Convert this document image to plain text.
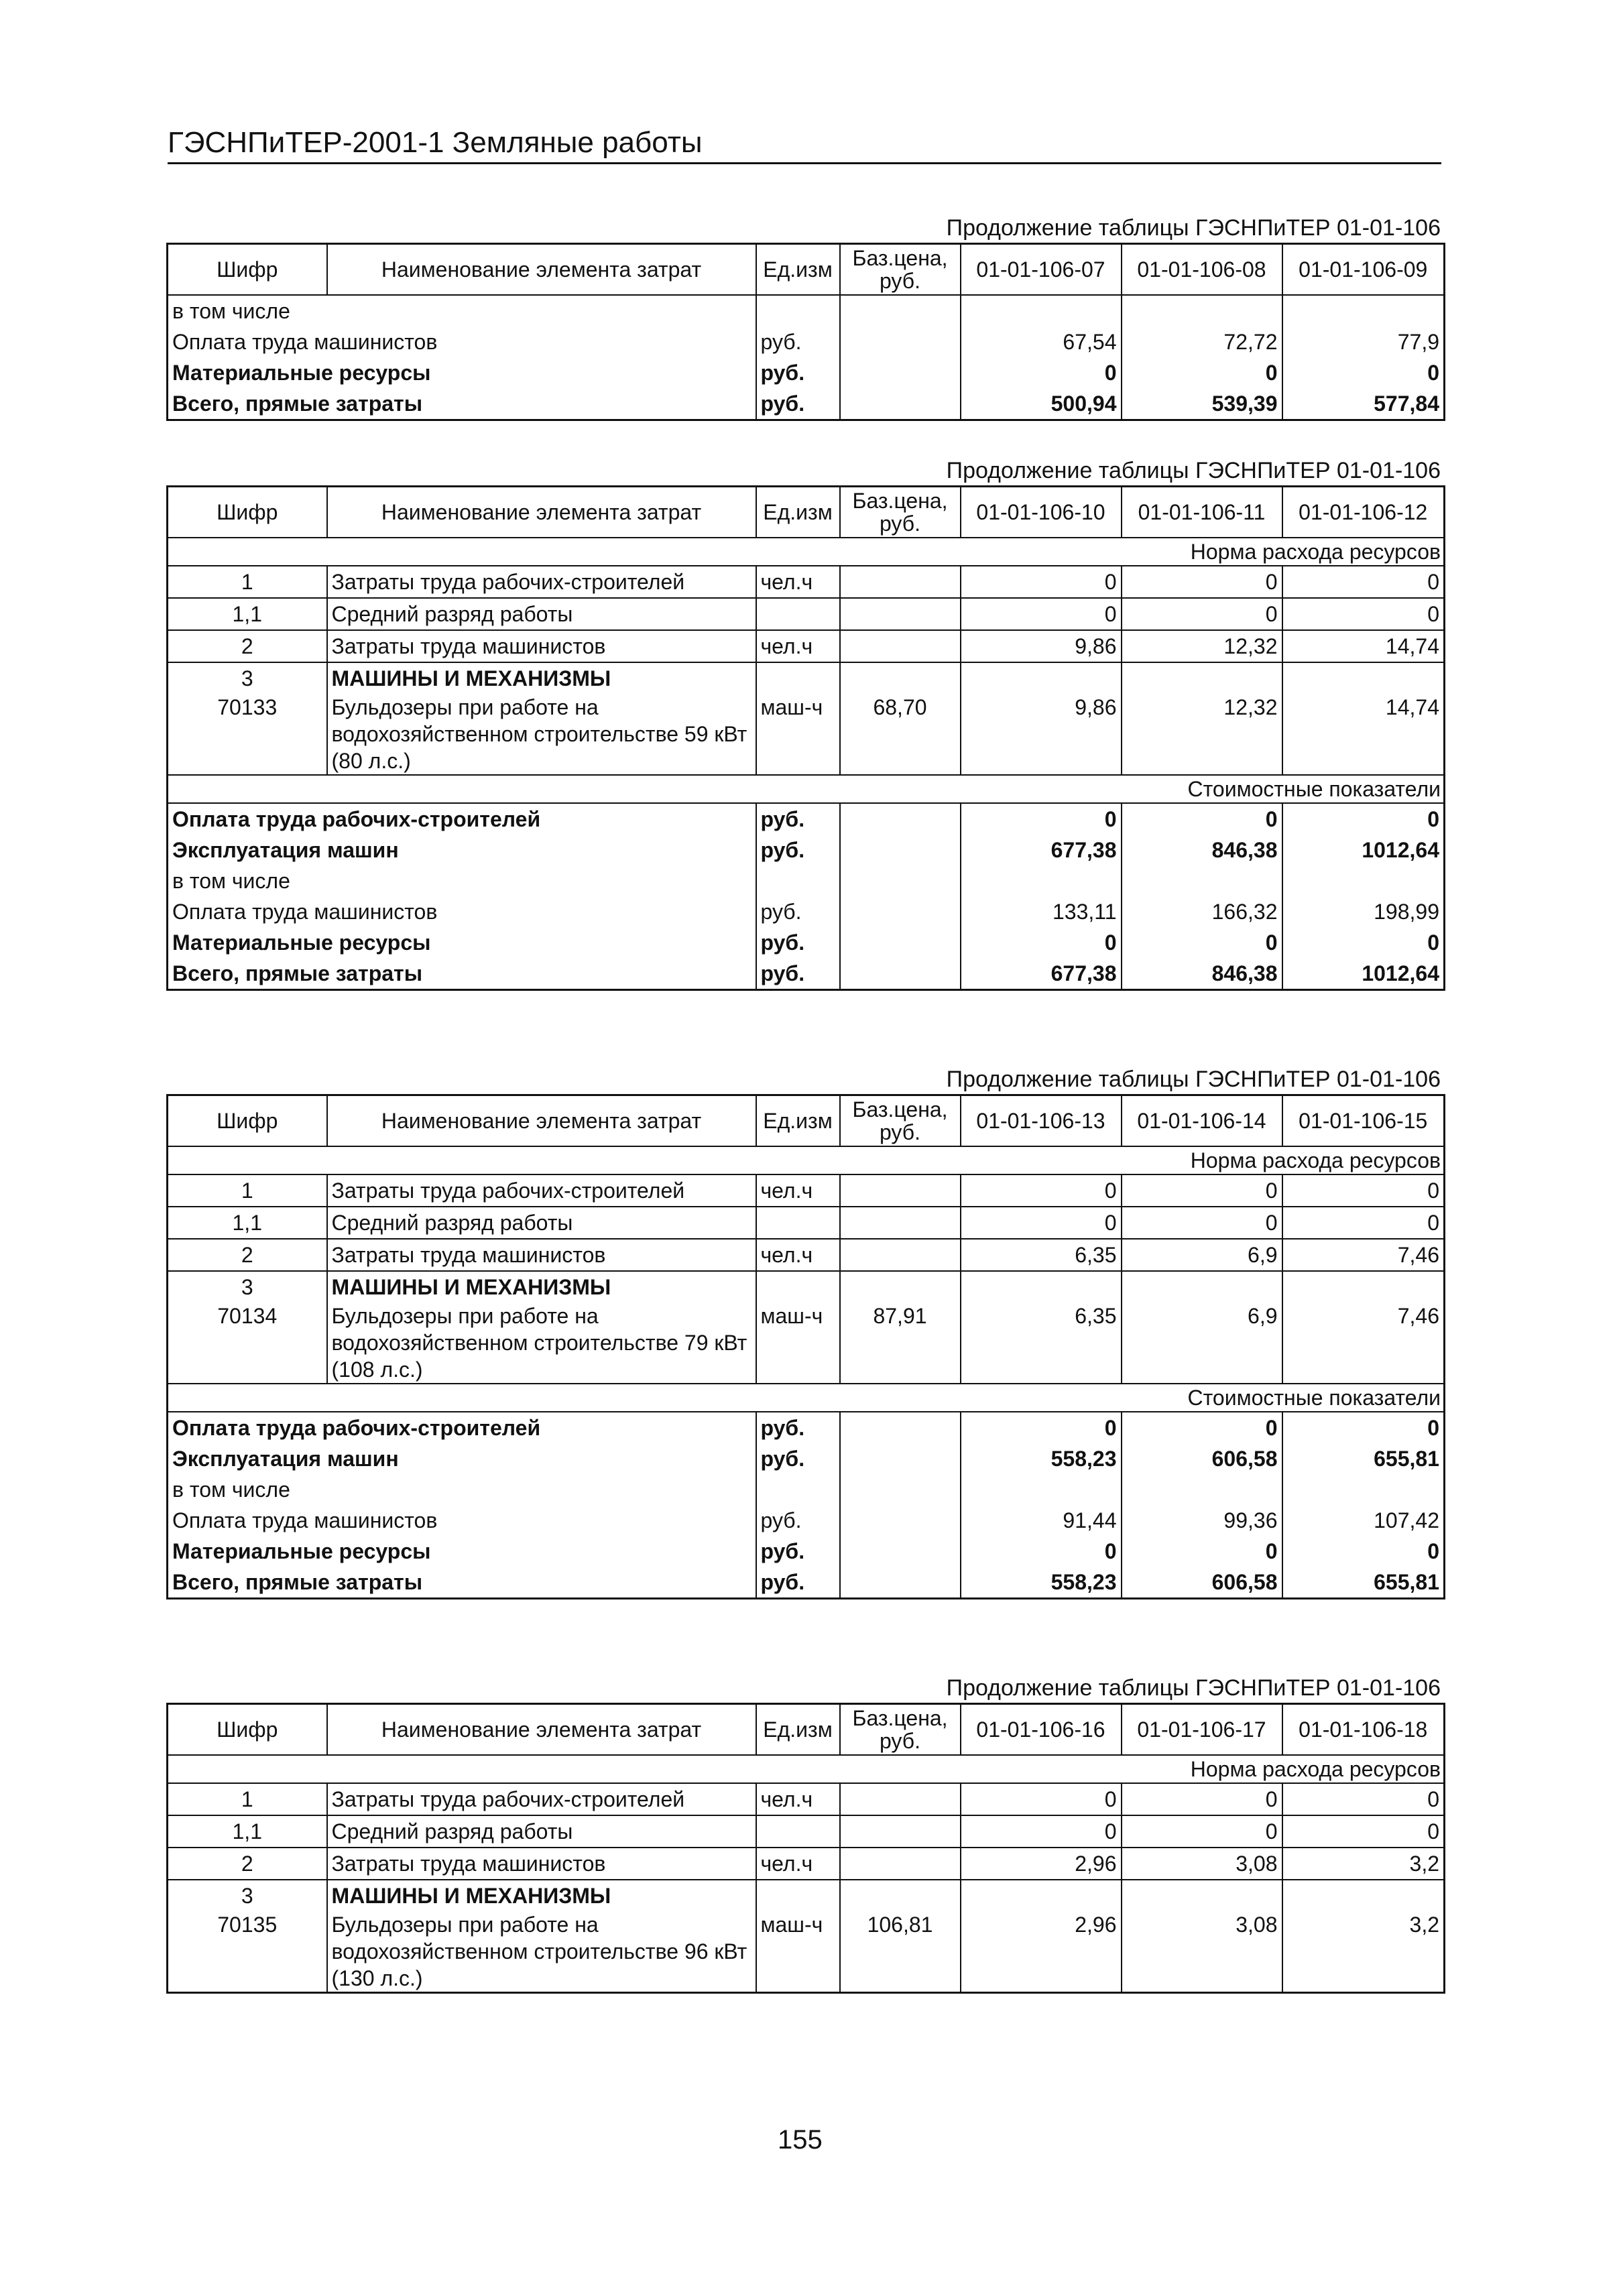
ГЭСНПиТЕР-2001-1 Земляные работы
Продолжение таблицы ГЭСНПиТЕР 01-01-106
Шифр	Наименование элемента затрат	Ед.изм	Баз.цена, руб.	01-01-106-07	01-01-106-08	01-01-106-09
в том числе						
Оплата труда машинистов		руб.		67,54	72,72	77,9
Материальные ресурсы		руб.		0	0	0
Всего, прямые затраты		руб.		500,94	539,39	577,84
Продолжение таблицы ГЭСНПиТЕР 01-01-106
Шифр	Наименование элемента затрат	Ед.изм	Баз.цена, руб.	01-01-106-10	01-01-106-11	01-01-106-12
Норма расхода ресурсов						
1	Затраты труда рабочих-строителей	чел.ч		0	0	0
1,1	Средний разряд работы			0	0	0
2	Затраты труда машинистов	чел.ч		9,86	12,32	14,74
3	МАШИНЫ И МЕХАНИЗМЫ					
70133	Бульдозеры при работе на водохозяйственном строительстве 59 кВт (80 л.с.)	маш-ч	68,70	9,86	12,32	14,74
Стоимостные показатели						
Оплата труда рабочих-строителей		руб.		0	0	0
Эксплуатация машин		руб.		677,38	846,38	1012,64
в том числе						
Оплата труда машинистов		руб.		133,11	166,32	198,99
Материальные ресурсы		руб.		0	0	0
Всего, прямые затраты		руб.		677,38	846,38	1012,64
Продолжение таблицы ГЭСНПиТЕР 01-01-106
Шифр	Наименование элемента затрат	Ед.изм	Баз.цена, руб.	01-01-106-13	01-01-106-14	01-01-106-15
Норма расхода ресурсов						
1	Затраты труда рабочих-строителей	чел.ч		0	0	0
1,1	Средний разряд работы			0	0	0
2	Затраты труда машинистов	чел.ч		6,35	6,9	7,46
3	МАШИНЫ И МЕХАНИЗМЫ					
70134	Бульдозеры при работе на водохозяйственном строительстве 79 кВт (108 л.с.)	маш-ч	87,91	6,35	6,9	7,46
Стоимостные показатели						
Оплата труда рабочих-строителей		руб.		0	0	0
Эксплуатация машин		руб.		558,23	606,58	655,81
в том числе						
Оплата труда машинистов		руб.		91,44	99,36	107,42
Материальные ресурсы		руб.		0	0	0
Всего, прямые затраты		руб.		558,23	606,58	655,81
Продолжение таблицы ГЭСНПиТЕР 01-01-106
Шифр	Наименование элемента затрат	Ед.изм	Баз.цена, руб.	01-01-106-16	01-01-106-17	01-01-106-18
Норма расхода ресурсов						
1	Затраты труда рабочих-строителей	чел.ч		0	0	0
1,1	Средний разряд работы			0	0	0
2	Затраты труда машинистов	чел.ч		2,96	3,08	3,2
3	МАШИНЫ И МЕХАНИЗМЫ					
70135	Бульдозеры при работе на водохозяйственном строительстве 96 кВт (130 л.с.)	маш-ч	106,81	2,96	3,08	3,2
155
